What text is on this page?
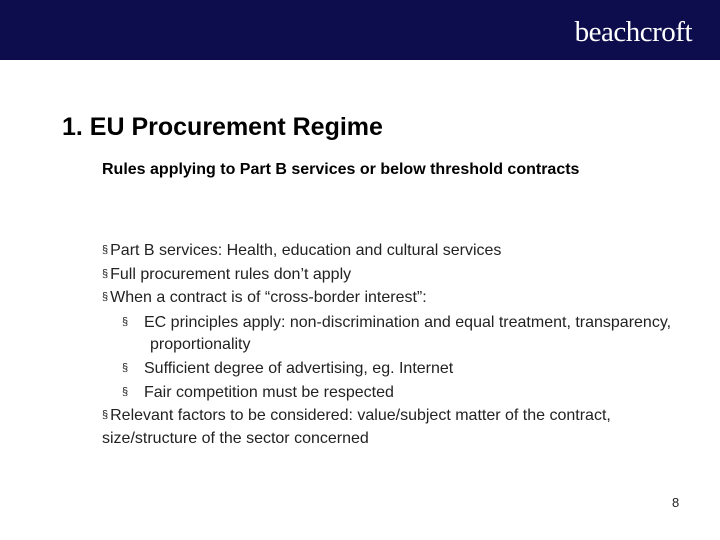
beachcroft
1. EU Procurement Regime

Rules applying to Part B services or below threshold contracts

§ Part B services: Health, education and cultural services
§ Full procurement rules don’t apply
§ When a contract is of “cross-border interest”:
§ EC principles apply: non-discrimination and equal treatment, transparency, proportionality
§ Sufficient degree of advertising, eg. Internet
§ Fair competition must be respected
§ Relevant factors to be considered: value/subject matter of the contract, size/structure of the sector concerned
8
